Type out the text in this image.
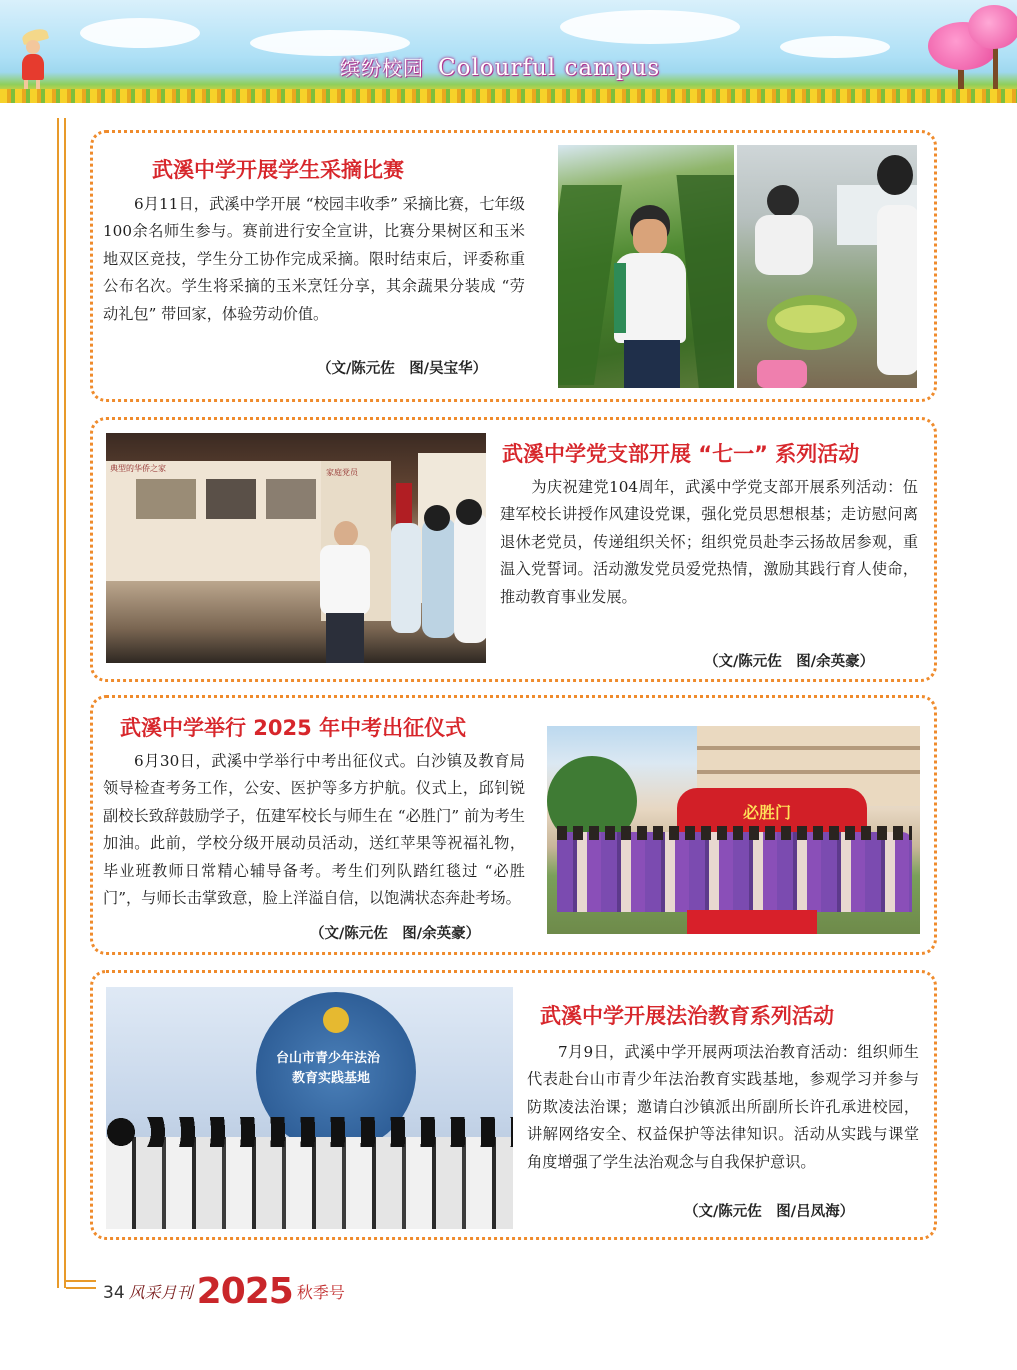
缤纷校园 Colourful campus
武溪中学开展学生采摘比赛
6月11日，武溪中学开展 “校园丰收季” 采摘比赛，七年级100余名师生参与。赛前进行安全宣讲，比赛分果树区和玉米地双区竞技，学生分工协作完成采摘。限时结束后，评委称重公布名次。学生将采摘的玉米烹饪分享，其余蔬果分装成 “劳动礼包” 带回家，体验劳动价值。
（文/陈元佐　图/吴宝华）
典型的华侨之家	家庭党员
武溪中学党支部开展 “七一” 系列活动
为庆祝建党104周年，武溪中学党支部开展系列活动：伍建军校长讲授作风建设党课，强化党员思想根基；走访慰问离退休老党员，传递组织关怀；组织党员赴李云扬故居参观，重温入党誓词。活动激发党员爱党热情，激励其践行育人使命，推动教育事业发展。
（文/陈元佐　图/余英豪）
武溪中学举行 2025 年中考出征仪式
6月30日，武溪中学举行中考出征仪式。白沙镇及教育局领导检查考务工作，公安、医护等多方护航。仪式上，邱钊锐副校长致辞鼓励学子，伍建军校长与师生在 “必胜门” 前为考生加油。此前，学校分级开展动员活动，送红苹果等祝福礼物，毕业班教师日常精心辅导备考。考生们列队踏红毯过 “必胜门”，与师长击掌致意，脸上洋溢自信，以饱满状态奔赴考场。
（文/陈元佐　图/余英豪）
必胜门
台山市青少年法治
教育实践基地
武溪中学开展法治教育系列活动
7月9日，武溪中学开展两项法治教育活动：组织师生代表赴台山市青少年法治教育实践基地，参观学习并参与防欺凌法治课；邀请白沙镇派出所副所长许孔承进校园，讲解网络安全、权益保护等法律知识。活动从实践与课堂角度增强了学生法治观念与自我保护意识。
（文/陈元佐　图/吕凤海）
34 风采月刊 2025 秋季号
